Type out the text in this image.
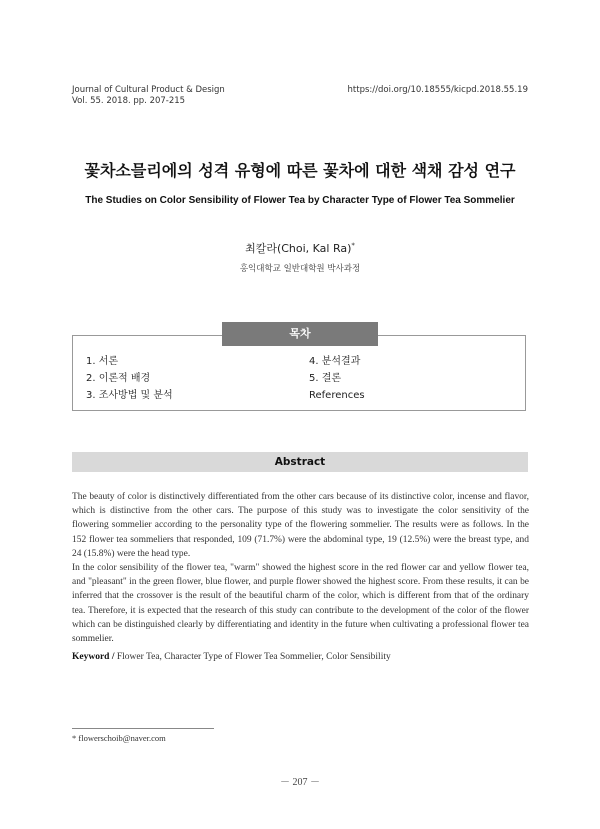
Journal of Cultural Product & Design
Vol. 55. 2018. pp. 207-215
https://doi.org/10.18555/kicpd.2018.55.19
꽃차소믈리에의 성격 유형에 따른 꽃차에 대한 색채 감성 연구
The Studies on Color Sensibility of Flower Tea by Character Type of Flower Tea Sommelier
최칼라(Choi, Kal Ra)*
홍익대학교 일반대학원 박사과정
목차
1. 서론
2. 이론적 배경
3. 조사방법 및 분석
4. 분석결과
5. 결론
References
Abstract

The beauty of color is distinctively differentiated from the other cars because of its distinctive color, incense and flavor, which is distinctive from the other cars. The purpose of this study was to investigate the color sensitivity of the flowering sommelier according to the personality type of the flowering sommelier. The results were as follows. In the 152 flower tea sommeliers that responded, 109 (71.7%) were the abdominal type, 19 (12.5%) were the breast type, and 24 (15.8%) were the head type.

In the color sensibility of the flower tea, "warm" showed the highest score in the red flower car and yellow flower tea, and "pleasant" in the green flower, blue flower, and purple flower showed the highest score. From these results, it can be inferred that the crossover is the result of the beautiful charm of the color, which is different from that of the ordinary tea. Therefore, it is expected that the research of this study can contribute to the development of the color of the flower which can be distinguished clearly by differentiating and identity in the future when cultivating a professional flower tea sommelier.

Keyword / Flower Tea, Character Type of Flower Tea Sommelier, Color Sensibility
* flowerschoib@naver.com
－ 207 －
